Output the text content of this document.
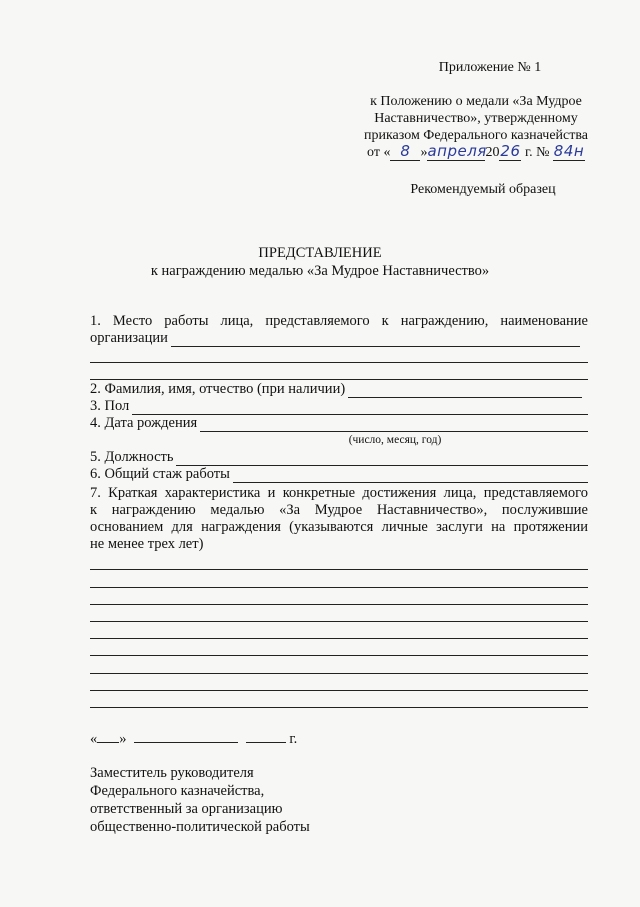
Приложение № 1
к Положению о медали «За Мудрое
Наставничество», утвержденному
приказом Федерального казначейства
от « 8 »апреля2026 г. № 84н
Рекомендуемый образец
ПРЕДСТАВЛЕНИЕ
к награждению медалью «За Мудрое Наставничество»
1. Место работы лица, представляемого к награждению, наименование
организации
2. Фамилия, имя, отчество (при наличии)
3. Пол
4. Дата рождения
(число, месяц, год)
5. Должность
6. Общий стаж работы
7. Краткая характеристика и конкретные достижения лица, представляемого
к награждению медалью «За Мудрое Наставничество», послужившие
основанием для награждения (указываются личные заслуги на протяжении
не менее трех лет)
« »	г.
Заместитель руководителя
Федерального казначейства,
ответственный за организацию
общественно-политической работы
